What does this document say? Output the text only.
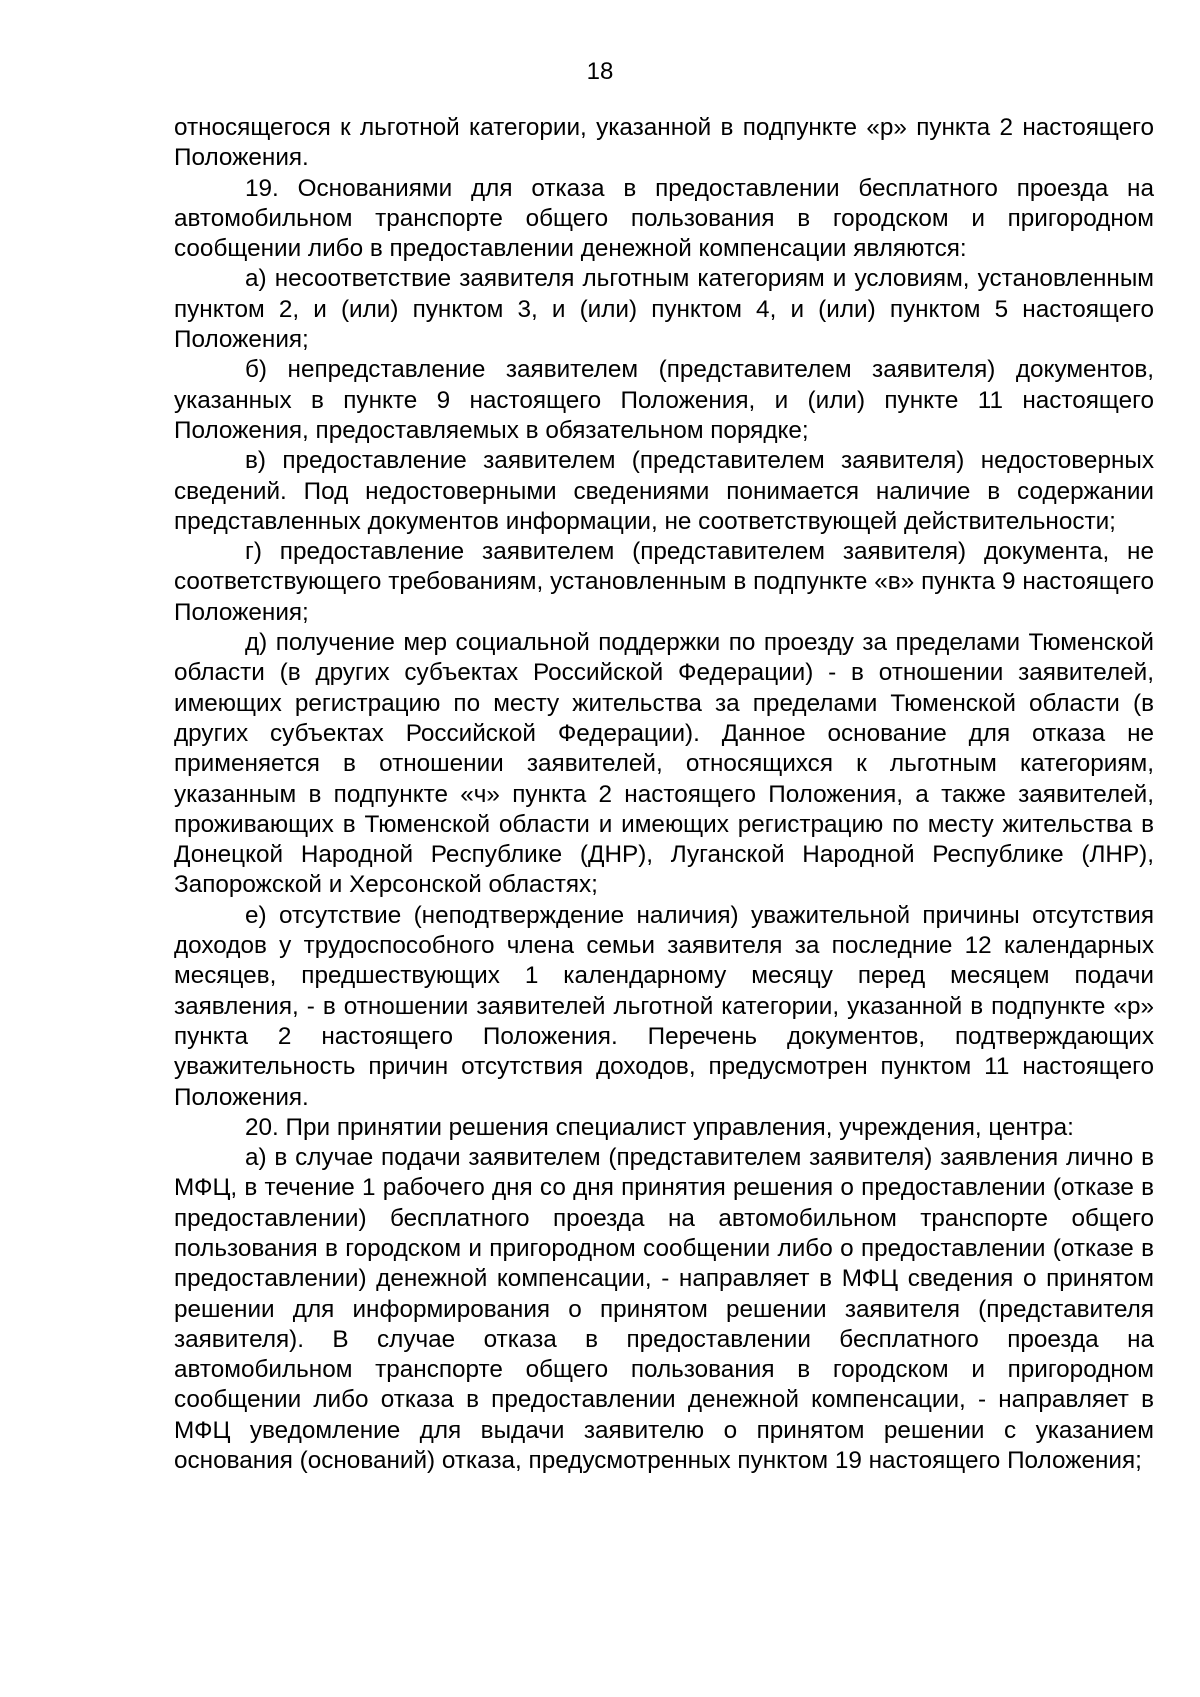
18

относящегося к льготной категории, указанной в подпункте «р» пункта 2 настоящего Положения.

19. Основаниями для отказа в предоставлении бесплатного проезда на автомобильном транспорте общего пользования в городском и пригородном сообщении либо в предоставлении денежной компенсации являются:

а) несоответствие заявителя льготным категориям и условиям, установленным пунктом 2, и (или) пунктом 3, и (или) пунктом 4, и (или) пунктом 5 настоящего Положения;

б) непредставление заявителем (представителем заявителя) документов, указанных в пункте 9 настоящего Положения, и (или) пункте 11 настоящего Положения, предоставляемых в обязательном порядке;

в) предоставление заявителем (представителем заявителя) недостоверных сведений. Под недостоверными сведениями понимается наличие в содержании представленных документов информации, не соответствующей действительности;

г) предоставление заявителем (представителем заявителя) документа, не соответствующего требованиям, установленным в подпункте «в» пункта 9 настоящего Положения;

д) получение мер социальной поддержки по проезду за пределами Тюменской области (в других субъектах Российской Федерации) - в отношении заявителей, имеющих регистрацию по месту жительства за пределами Тюменской области (в других субъектах Российской Федерации). Данное основание для отказа не применяется в отношении заявителей, относящихся к льготным категориям, указанным в подпункте «ч» пункта 2 настоящего Положения, а также заявителей, проживающих в Тюменской области и имеющих регистрацию по месту жительства в Донецкой Народной Республике (ДНР), Луганской Народной Республике (ЛНР), Запорожской и Херсонской областях;

е) отсутствие (неподтверждение наличия) уважительной причины отсутствия доходов у трудоспособного члена семьи заявителя за последние 12 календарных месяцев, предшествующих 1 календарному месяцу перед месяцем подачи заявления, - в отношении заявителей льготной категории, указанной в подпункте «р» пункта 2 настоящего Положения. Перечень документов, подтверждающих уважительность причин отсутствия доходов, предусмотрен пунктом 11 настоящего Положения.

20. При принятии решения специалист управления, учреждения, центра:

а) в случае подачи заявителем (представителем заявителя) заявления лично в МФЦ, в течение 1 рабочего дня со дня принятия решения о предоставлении (отказе в предоставлении) бесплатного проезда на автомобильном транспорте общего пользования в городском и пригородном сообщении либо о предоставлении (отказе в предоставлении) денежной компенсации, - направляет в МФЦ сведения о принятом решении для информирования о принятом решении заявителя (представителя заявителя). В случае отказа в предоставлении бесплатного проезда на автомобильном транспорте общего пользования в городском и пригородном сообщении либо отказа в предоставлении денежной компенсации, - направляет в МФЦ уведомление для выдачи заявителю о принятом решении с указанием основания (оснований) отказа, предусмотренных пунктом 19 настоящего Положения;
